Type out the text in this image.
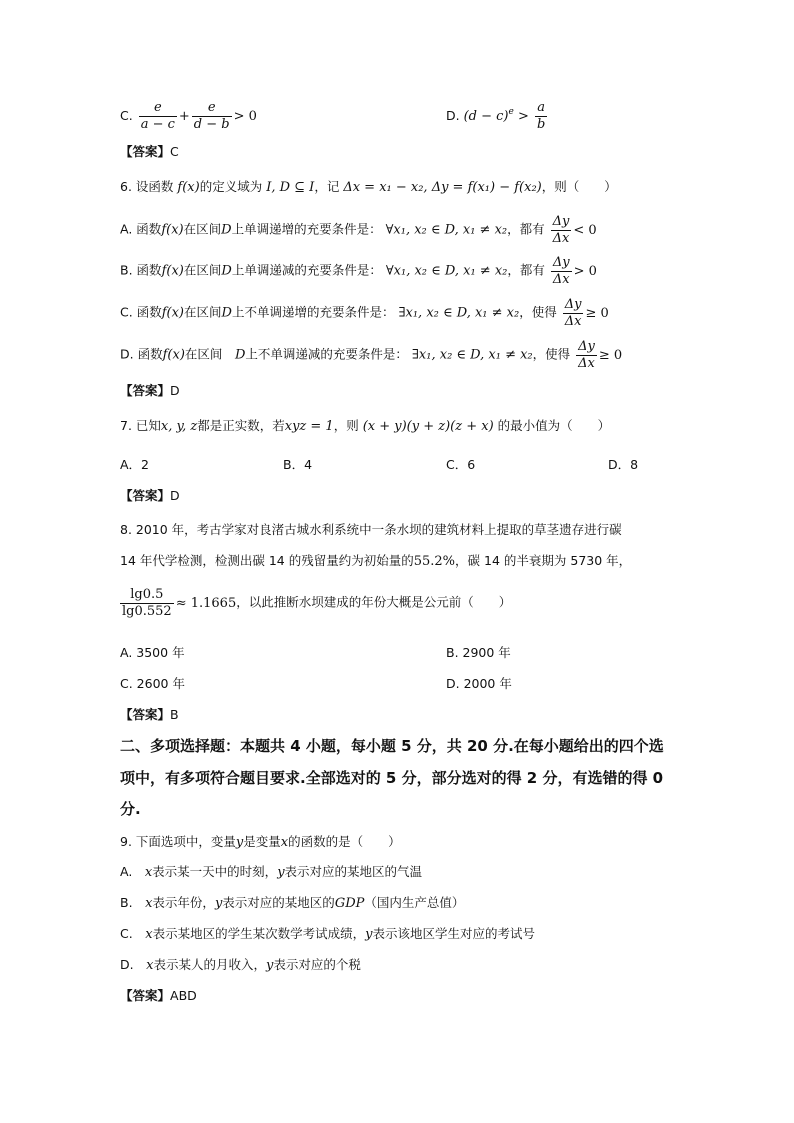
C. $\frac{e}{a - c} + \frac{e}{d - b} > 0$	D. $(d - c)^e > \frac{a}{b}$
【答案】C
6. 设函数 f(x)的定义域为 I, D ⊆ I，记 Δx = x₁ − x₂, Δy = f(x₁) − f(x₂)，则（　　）
A. 函数f(x)在区间D上单调递增的充要条件是： ∀x₁, x₂ ∈ D, x₁ ≠ x₂，都有 $\frac{\Delta y}{\Delta x} < 0$
B. 函数f(x)在区间D上单调递减的充要条件是： ∀x₁, x₂ ∈ D, x₁ ≠ x₂，都有 $\frac{\Delta y}{\Delta x} > 0$
C. 函数f(x)在区间D上不单调递增的充要条件是： ∃x₁, x₂ ∈ D, x₁ ≠ x₂，使得 $\frac{\Delta y}{\Delta x} \ge 0$
D. 函数f(x)在区间　 D上不单调递减的充要条件是： ∃x₁, x₂ ∈ D, x₁ ≠ x₂，使得 $\frac{\Delta y}{\Delta x} \ge 0$
【答案】D
7. 已知x, y, z都是正实数，若xyz = 1，则 (x + y)(y + z)(z + x) 的最小值为（　　）
A．2	B．4	C．6	D．8
【答案】D
8. 2010 年，考古学家对良渚古城水利系统中一条水坝的建筑材料上提取的草茎遗存进行碳
14 年代学检测，检测出碳 14 的残留量约为初始量的55.2%，碳 14 的半衰期为 5730 年，
$\frac{\lg 0.5}{\lg 0.552} \approx 1.1665$，以此推断水坝建成的年份大概是公元前（　　）
A. 3500 年	B. 2900 年
C. 2600 年	D. 2000 年
【答案】B
二、多项选择题：本题共 4 小题，每小题 5 分，共 20 分.在每小题给出的四个选
项中，有多项符合题目要求.全部选对的 5 分，部分选对的得 2 分，有选错的得 0
分.
9. 下面选项中，变量y是变量x的函数的是（　　）
A.　 x表示某一天中的时刻，y表示对应的某地区的气温
B.　 x表示年份，y表示对应的某地区的GDP（国内生产总值）
C.　 x表示某地区的学生某次数学考试成绩，y表示该地区学生对应的考试号
D.　 x表示某人的月收入，y表示对应的个税
【答案】ABD
